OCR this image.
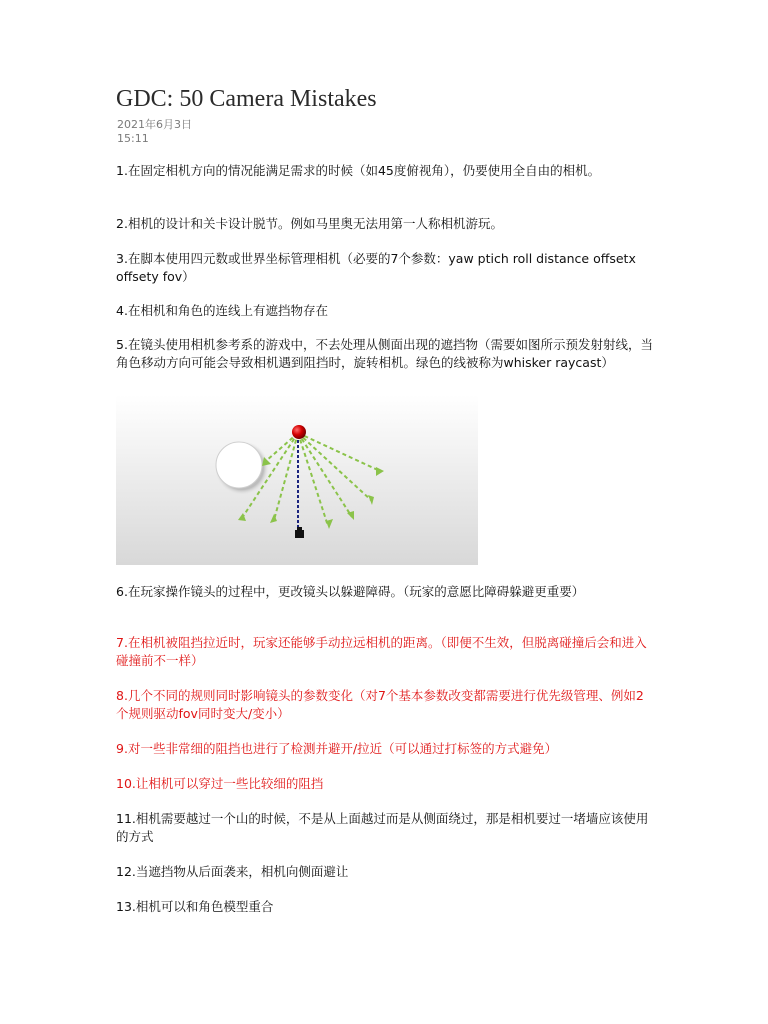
GDC: 50 Camera Mistakes
2021年6月3日
15:11
1.在固定相机方向的情况能满足需求的时候（如45度俯视角），仍要使用全自由的相机。
2.相机的设计和关卡设计脱节。例如马里奥无法用第一人称相机游玩。
3.在脚本使用四元数或世界坐标管理相机（必要的7个参数：yaw ptich roll distance offsetx offsety fov）
4.在相机和角色的连线上有遮挡物存在
5.在镜头使用相机参考系的游戏中，不去处理从侧面出现的遮挡物（需要如图所示预发射射线，当角色移动方向可能会导致相机遇到阻挡时，旋转相机。绿色的线被称为whisker raycast）
6.在玩家操作镜头的过程中，更改镜头以躲避障碍。（玩家的意愿比障碍躲避更重要）
7.在相机被阻挡拉近时，玩家还能够手动拉远相机的距离。（即便不生效，但脱离碰撞后会和进入碰撞前不一样）
8.几个不同的规则同时影响镜头的参数变化（对7个基本参数改变都需要进行优先级管理、例如2个规则驱动fov同时变大/变小）
9.对一些非常细的阻挡也进行了检测并避开/拉近（可以通过打标签的方式避免）
10.让相机可以穿过一些比较细的阻挡
11.相机需要越过一个山的时候，不是从上面越过而是从侧面绕过，那是相机要过一堵墙应该使用的方式
12.当遮挡物从后面袭来，相机向侧面避让
13.相机可以和角色模型重合
